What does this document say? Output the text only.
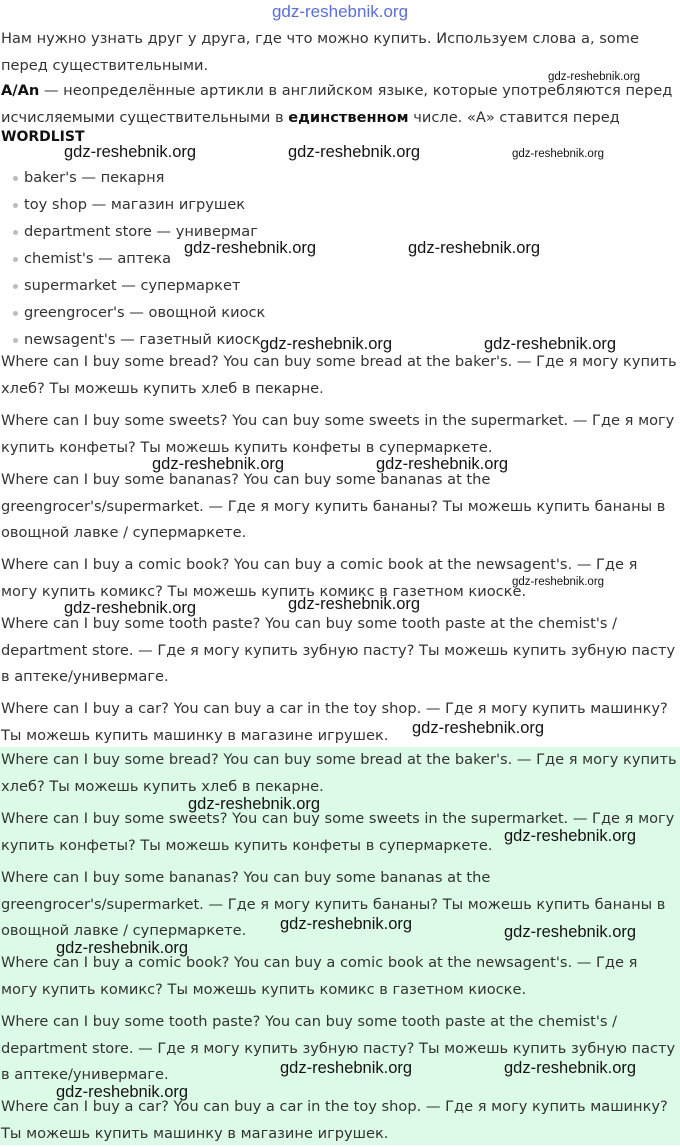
gdz-reshebnik.org

Нам нужно узнать друг у друга, где что можно купить. Используем слова a, some перед существительными.

A/An — неопределённые артикли в английском языке, которые употребляются перед исчисляемыми существительными в единственном числе. «A» ставится перед

WORDLIST
baker's — пекарня
toy shop — магазин игрушек
department store — универмаг
chemist's — аптека
supermarket — супермаркет
greengrocer's — овощной киоск
newsagent's — газетный киоск

Where can I buy some bread? You can buy some bread at the baker's. — Где я могу купить хлеб? Ты можешь купить хлеб в пекарне.

Where can I buy some sweets? You can buy some sweets in the supermarket. — Где я могу купить конфеты? Ты можешь купить конфеты в супермаркете.

Where can I buy some bananas? You can buy some bananas at the greengrocer's/supermarket. — Где я могу купить бананы? Ты можешь купить бананы в овощной лавке / супермаркете.

Where can I buy a comic book? You can buy a comic book at the newsagent's. — Где я могу купить комикс? Ты можешь купить комикс в газетном киоске.

Where can I buy some tooth paste? You can buy some tooth paste at the chemist's / department store. — Где я могу купить зубную пасту? Ты можешь купить зубную пасту в аптеке/универмаге.

Where can I buy a car? You can buy a car in the toy shop. — Где я могу купить машинку? Ты можешь купить машинку в магазине игрушек.

Where can I buy some bread? You can buy some bread at the baker's. — Где я могу купить хлеб? Ты можешь купить хлеб в пекарне.

Where can I buy some sweets? You can buy some sweets in the supermarket. — Где я могу купить конфеты? Ты можешь купить конфеты в супермаркете.

Where can I buy some bananas? You can buy some bananas at the greengrocer's/supermarket. — Где я могу купить бананы? Ты можешь купить бананы в овощной лавке / супермаркете.

Where can I buy a comic book? You can buy a comic book at the newsagent's. — Где я могу купить комикс? Ты можешь купить комикс в газетном киоске.

Where can I buy some tooth paste? You can buy some tooth paste at the chemist's / department store. — Где я могу купить зубную пасту? Ты можешь купить зубную пасту в аптеке/универмаге.

Where can I buy a car? You can buy a car in the toy shop. — Где я могу купить машинку? Ты можешь купить машинку в магазине игрушек.

gdz-reshebnik.org
gdz-reshebnik.org	gdz-reshebnik.org	gdz-reshebnik.org
gdz-reshebnik.org	gdz-reshebnik.org
gdz-reshebnik.org	gdz-reshebnik.org
gdz-reshebnik.org	gdz-reshebnik.org
gdz-reshebnik.org
gdz-reshebnik.org	gdz-reshebnik.org
gdz-reshebnik.org
gdz-reshebnik.org
gdz-reshebnik.org
gdz-reshebnik.org	gdz-reshebnik.org
gdz-reshebnik.org
gdz-reshebnik.org	gdz-reshebnik.org
gdz-reshebnik.org
